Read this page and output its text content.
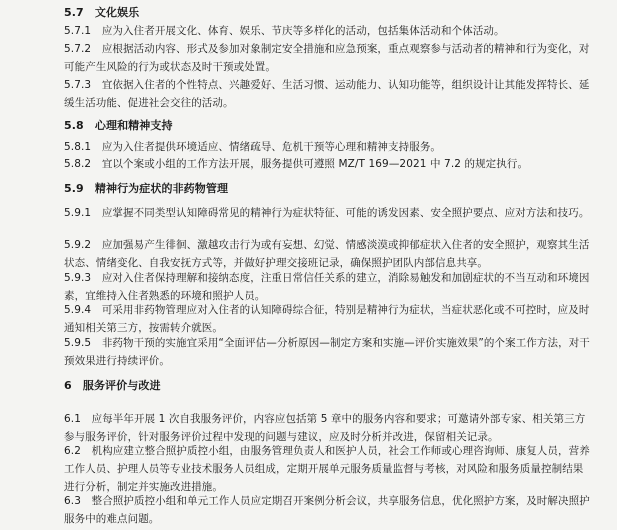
5.7　文化娱乐

5.7.1　应为入住者开展文化、体育、娱乐、节庆等多样化的活动，包括集体活动和个体活动。

5.7.2　应根据活动内容、形式及参加对象制定安全措施和应急预案，重点观察参与活动者的精神和行为变化，对可能产生风险的行为或状态及时干预或处置。

5.7.3　宜依据入住者的个性特点、兴趣爱好、生活习惯、运动能力、认知功能等，组织设计让其能发挥特长、延缓生活功能、促进社会交往的活动。

5.8　心理和精神支持

5.8.1　应为入住者提供环境适应、情绪疏导、危机干预等心理和精神支持服务。

5.8.2　宜以个案或小组的工作方法开展，服务提供可遵照 MZ/T 169—2021 中 7.2 的规定执行。

5.9　精神行为症状的非药物管理

5.9.1　应掌握不同类型认知障碍常见的精神行为症状特征、可能的诱发因素、安全照护要点、应对方法和技巧。

5.9.2　应加强易产生徘徊、激越攻击行为或有妄想、幻觉、情感淡漠或抑郁症状入住者的安全照护，观察其生活状态、情绪变化、自我安抚方式等，并做好护理交接班记录，确保照护团队内部信息共享。

5.9.3　应对入住者保持理解和接纳态度，注重日常信任关系的建立，消除易触发和加剧症状的不当互动和环境因素，宜维持入住者熟悉的环境和照护人员。

5.9.4　可采用非药物管理应对入住者的认知障碍综合征，特别是精神行为症状，当症状恶化或不可控时，应及时通知相关第三方，按需转介就医。

5.9.5　非药物干预的实施宜采用“全面评估—分析原因—制定方案和实施—评价实施效果”的个案工作方法，对干预效果进行持续评价。

6　服务评价与改进

6.1　应每半年开展 1 次自我服务评价，内容应包括第 5 章中的服务内容和要求；可邀请外部专家、相关第三方参与服务评价，针对服务评价过程中发现的问题与建议，应及时分析并改进，保留相关记录。

6.2　机构应建立整合照护质控小组，由服务管理负责人和医护人员，社会工作师或心理咨询师、康复人员，营养工作人员、护理人员等专业技术服务人员组成，定期开展单元服务质量监督与考核，对风险和服务质量控制结果进行分析，制定并实施改进措施。

6.3　整合照护质控小组和单元工作人员应定期召开案例分析会议，共享服务信息，优化照护方案，及时解决照护服务中的难点问题。
